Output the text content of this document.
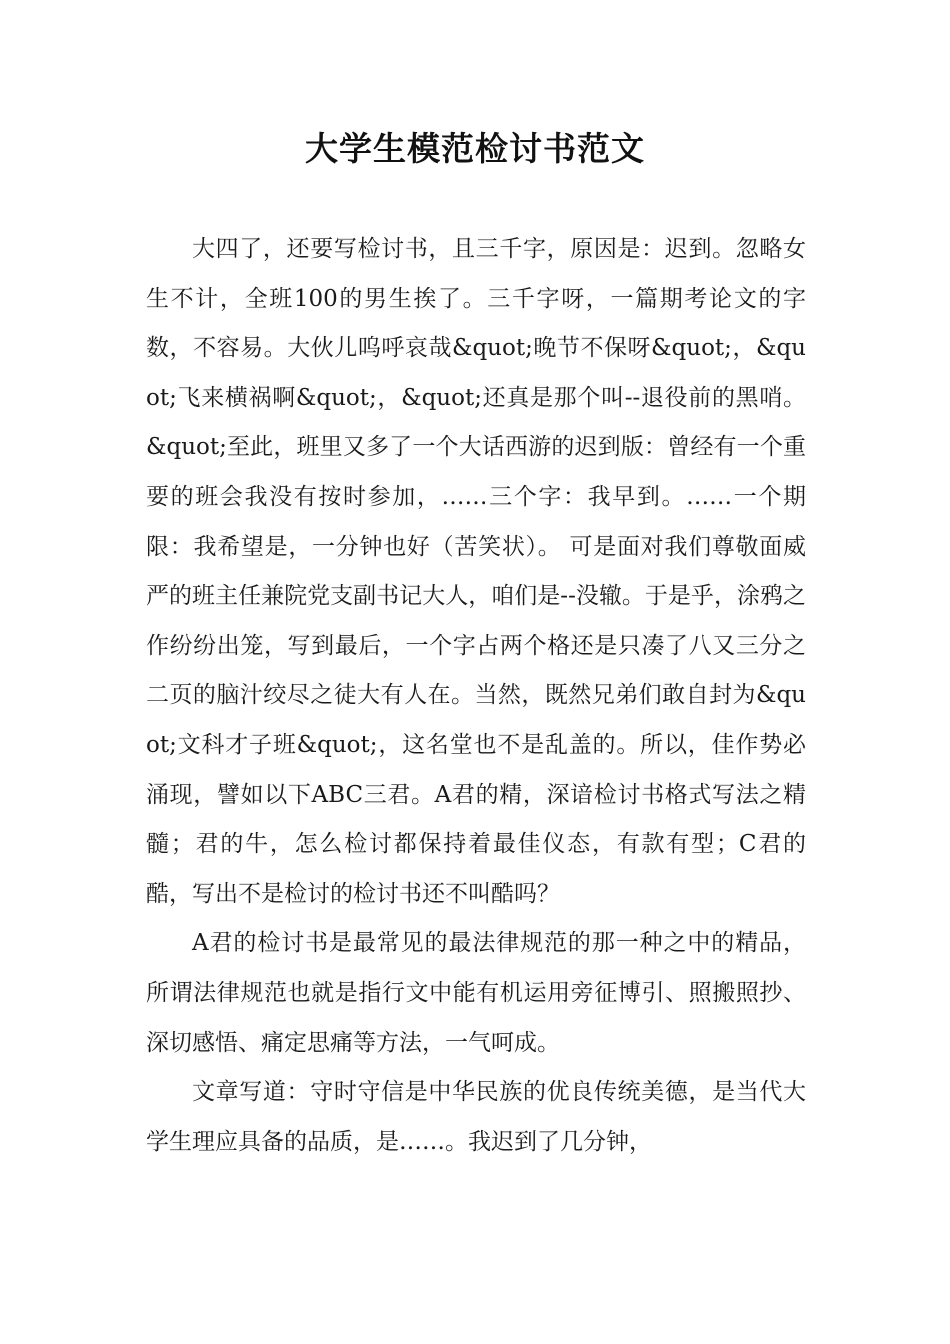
大学生模范检讨书范文

大四了，还要写检讨书，且三千字，原因是：迟到。忽略女生不计，全班100的男生挨了。三千字呀，一篇期考论文的字数，不容易。大伙儿呜呼哀哉&quot;晚节不保呀&quot;，&quot;飞来横祸啊&quot;，&quot;还真是那个叫--退役前的黑哨。&quot;至此，班里又多了一个大话西游的迟到版：曾经有一个重要的班会我没有按时参加，……三个字：我早到。……一个期限：我希望是，一分钟也好（苦笑状）。 可是面对我们尊敬面威严的班主任兼院党支副书记大人，咱们是--没辙。于是乎，涂鸦之作纷纷出笼，写到最后，一个字占两个格还是只凑了八又三分之二页的脑汁绞尽之徒大有人在。当然，既然兄弟们敢自封为&quot;文科才子班&quot;，这名堂也不是乱盖的。所以，佳作势必涌现，譬如以下ABC三君。A君的精，深谙检讨书格式写法之精髓；君的牛，怎么检讨都保持着最佳仪态，有款有型；C君的酷，写出不是检讨的检讨书还不叫酷吗？

A君的检讨书是最常见的最法律规范的那一种之中的精品，所谓法律规范也就是指行文中能有机运用旁征博引、照搬照抄、深切感悟、痛定思痛等方法，一气呵成。

文章写道：守时守信是中华民族的优良传统美德，是当代大学生理应具备的品质，是……。我迟到了几分钟，
